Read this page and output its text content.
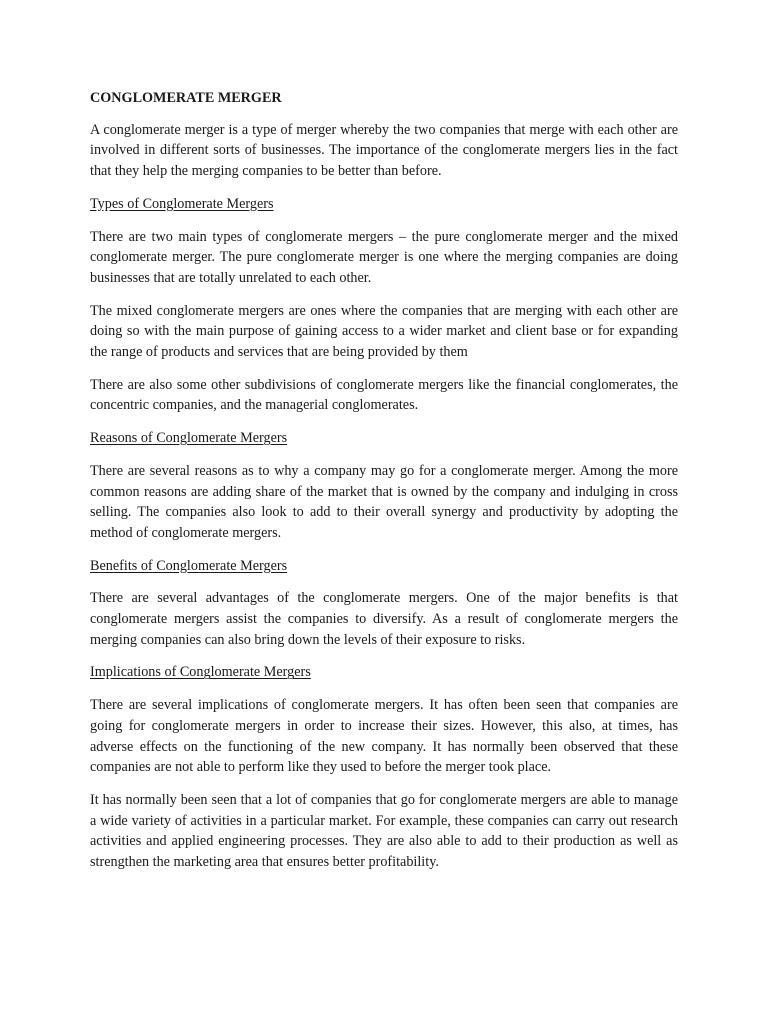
CONGLOMERATE MERGER

A conglomerate merger is a type of merger whereby the two companies that merge with each other are involved in different sorts of businesses. The importance of the conglomerate mergers lies in the fact that they help the merging companies to be better than before.

Types of Conglomerate Mergers

There are two main types of conglomerate mergers – the pure conglomerate merger and the mixed conglomerate merger. The pure conglomerate merger is one where the merging companies are doing businesses that are totally unrelated to each other.

The mixed conglomerate mergers are ones where the companies that are merging with each other are doing so with the main purpose of gaining access to a wider market and client base or for expanding the range of products and services that are being provided by them

There are also some other subdivisions of conglomerate mergers like the financial conglomerates, the concentric companies, and the managerial conglomerates.

Reasons of Conglomerate Mergers

There are several reasons as to why a company may go for a conglomerate merger. Among the more common reasons are adding share of the market that is owned by the company and indulging in cross selling. The companies also look to add to their overall synergy and productivity by adopting the method of conglomerate mergers.

Benefits of Conglomerate Mergers

There are several advantages of the conglomerate mergers. One of the major benefits is that conglomerate mergers assist the companies to diversify. As a result of conglomerate mergers the merging companies can also bring down the levels of their exposure to risks.

Implications of Conglomerate Mergers

There are several implications of conglomerate mergers. It has often been seen that companies are going for conglomerate mergers in order to increase their sizes. However, this also, at times, has adverse effects on the functioning of the new company. It has normally been observed that these companies are not able to perform like they used to before the merger took place.

It has normally been seen that a lot of companies that go for conglomerate mergers are able to manage a wide variety of activities in a particular market. For example, these companies can carry out research activities and applied engineering processes. They are also able to add to their production as well as strengthen the marketing area that ensures better profitability.
